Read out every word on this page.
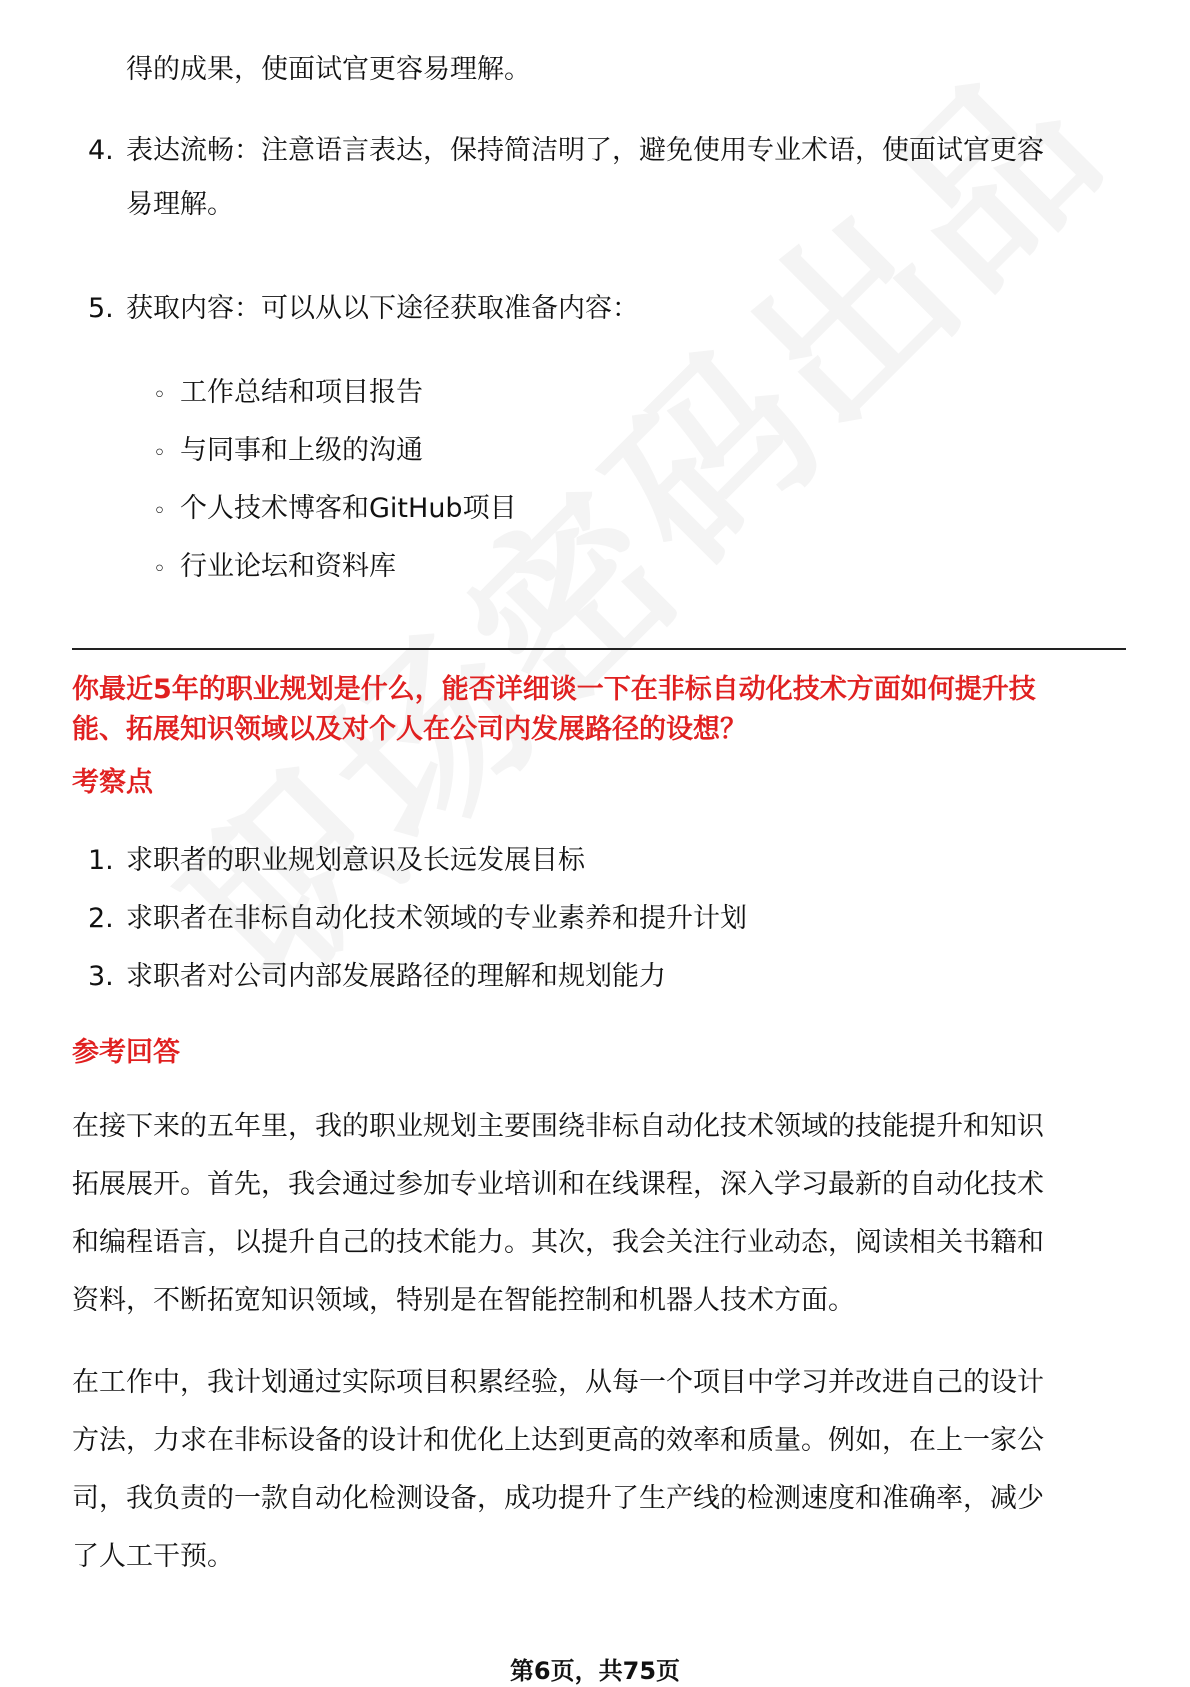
得的成果，使面试官更容易理解。
4. 表达流畅：注意语言表达，保持简洁明了，避免使用专业术语，使面试官更容
易理解。
5. 获取内容：可以从以下途径获取准备内容：
◦ 工作总结和项目报告
◦ 与同事和上级的沟通
◦ 个人技术博客和GitHub项目
◦ 行业论坛和资料库
你最近5年的职业规划是什么，能否详细谈一下在非标自动化技术方面如何提升技
能、拓展知识领域以及对个人在公司内发展路径的设想？
考察点
1. 求职者的职业规划意识及长远发展目标
2. 求职者在非标自动化技术领域的专业素养和提升计划
3. 求职者对公司内部发展路径的理解和规划能力
参考回答
在接下来的五年里，我的职业规划主要围绕非标自动化技术领域的技能提升和知识
拓展展开。首先，我会通过参加专业培训和在线课程，深入学习最新的自动化技术
和编程语言，以提升自己的技术能力。其次，我会关注行业动态，阅读相关书籍和
资料，不断拓宽知识领域，特别是在智能控制和机器人技术方面。
在工作中，我计划通过实际项目积累经验，从每一个项目中学习并改进自己的设计
方法，力求在非标设备的设计和优化上达到更高的效率和质量。例如，在上一家公
司，我负责的一款自动化检测设备，成功提升了生产线的检测速度和准确率，减少
了人工干预。
第6页，共75页
